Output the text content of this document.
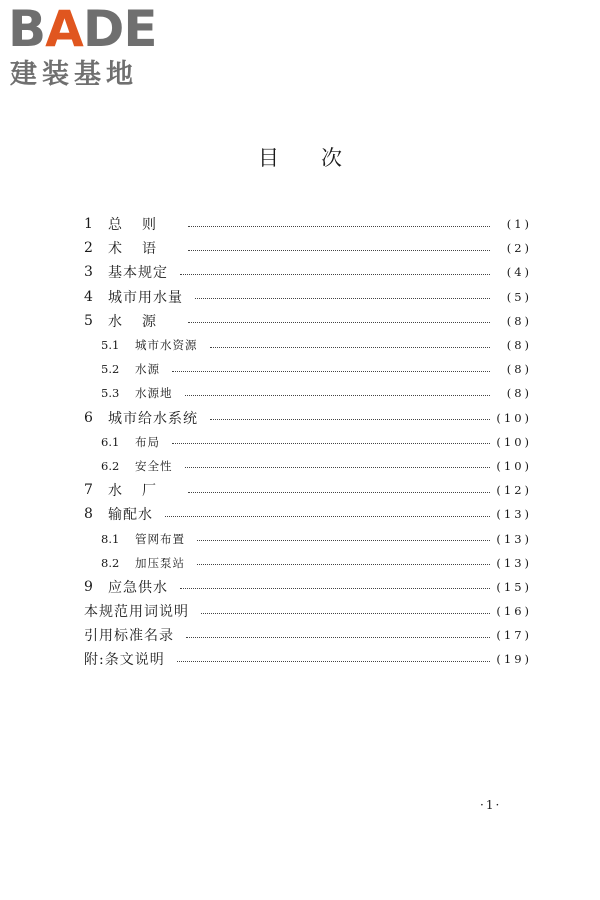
BADE
建装基地
目次
1	总则	(1)
2	术语	(2)
3	基本规定	(4)
4	城市用水量	(5)
5	水源	(8)
5.1	城市水资源	(8)
5.2	水源	(8)
5.3	水源地	(8)
6	城市给水系统	(10)
6.1	布局	(10)
6.2	安全性	(10)
7	水厂	(12)
8	输配水	(13)
8.1	管网布置	(13)
8.2	加压泵站	(13)
9	应急供水	(15)
本规范用词说明	(16)
引用标准名录	(17)
附:条文说明	(19)
·1·
